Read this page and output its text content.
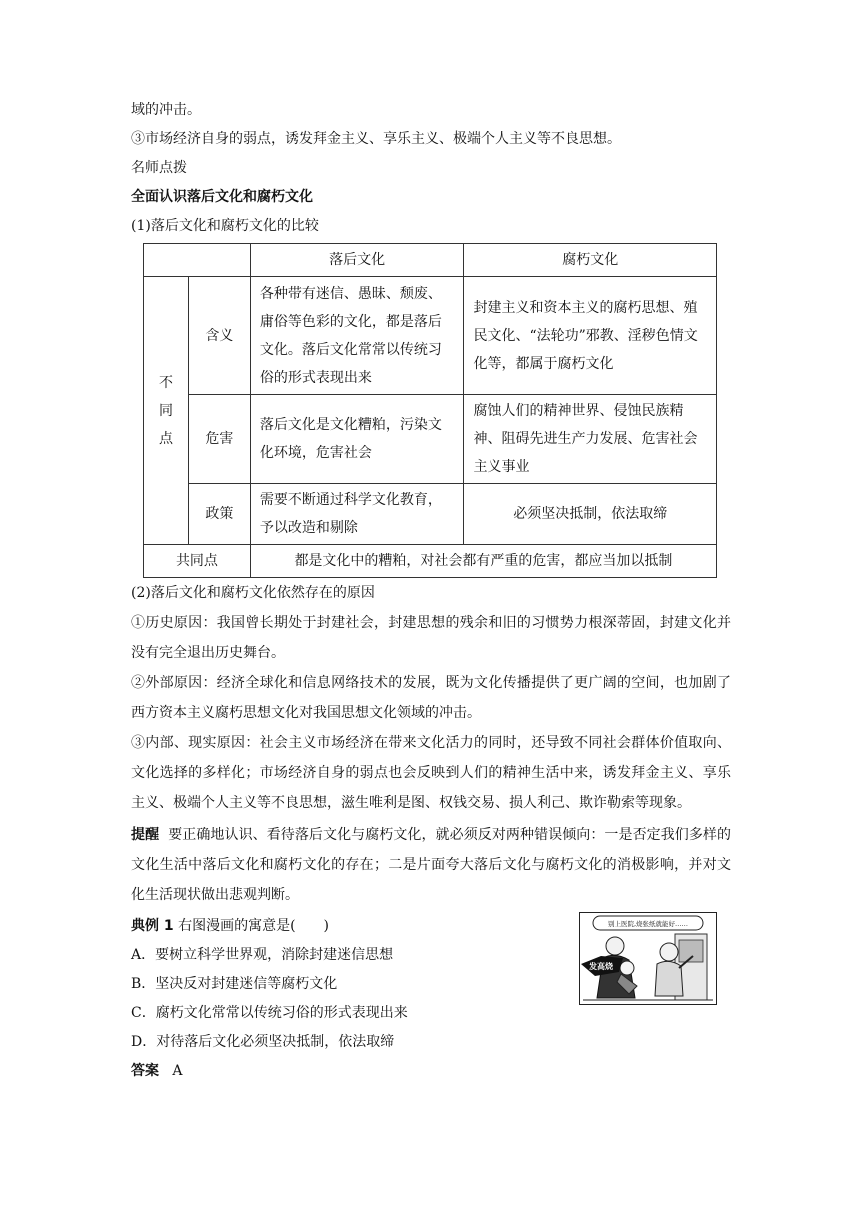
域的冲击。

③市场经济自身的弱点，诱发拜金主义、享乐主义、极端个人主义等不良思想。

名师点拨

全面认识落后文化和腐朽文化

(1)落后文化和腐朽文化的比较

		落后文化	腐朽文化
不
同
点	含义	各种带有迷信、愚昧、颓废、庸俗等色彩的文化，都是落后文化。落后文化常常以传统习俗的形式表现出来	封建主义和资本主义的腐朽思想、殖民文化、“法轮功”邪教、淫秽色情文化等，都属于腐朽文化
	危害	落后文化是文化糟粕，污染文化环境，危害社会	腐蚀人们的精神世界、侵蚀民族精神、阻碍先进生产力发展、危害社会主义事业
	政策	需要不断通过科学文化教育，予以改造和剔除	必须坚决抵制，依法取缔
共同点		都是文化中的糟粕，对社会都有严重的危害，都应当加以抵制	

(2)落后文化和腐朽文化依然存在的原因

①历史原因：我国曾长期处于封建社会，封建思想的残余和旧的习惯势力根深蒂固，封建文化并没有完全退出历史舞台。

②外部原因：经济全球化和信息网络技术的发展，既为文化传播提供了更广阔的空间，也加剧了西方资本主义腐朽思想文化对我国思想文化领域的冲击。

③内部、现实原因：社会主义市场经济在带来文化活力的同时，还导致不同社会群体价值取向、文化选择的多样化；市场经济自身的弱点也会反映到人们的精神生活中来，诱发拜金主义、享乐主义、极端个人主义等不良思想，滋生唯利是图、权钱交易、损人利己、欺诈勒索等现象。

提醒 要正确地认识、看待落后文化与腐朽文化，就必须反对两种错误倾向：一是否定我们多样的文化生活中落后文化和腐朽文化的存在；二是片面夸大落后文化与腐朽文化的消极影响，并对文化生活现状做出悲观判断。

典例 1 右图漫画的寓意是(　　)

A．要树立科学世界观，消除封建迷信思想

B．坚决反对封建迷信等腐朽文化

C．腐朽文化常常以传统习俗的形式表现出来

D．对待落后文化必须坚决抵制，依法取缔

别上医院,烧张纸就能好……
发高烧

答案 A
